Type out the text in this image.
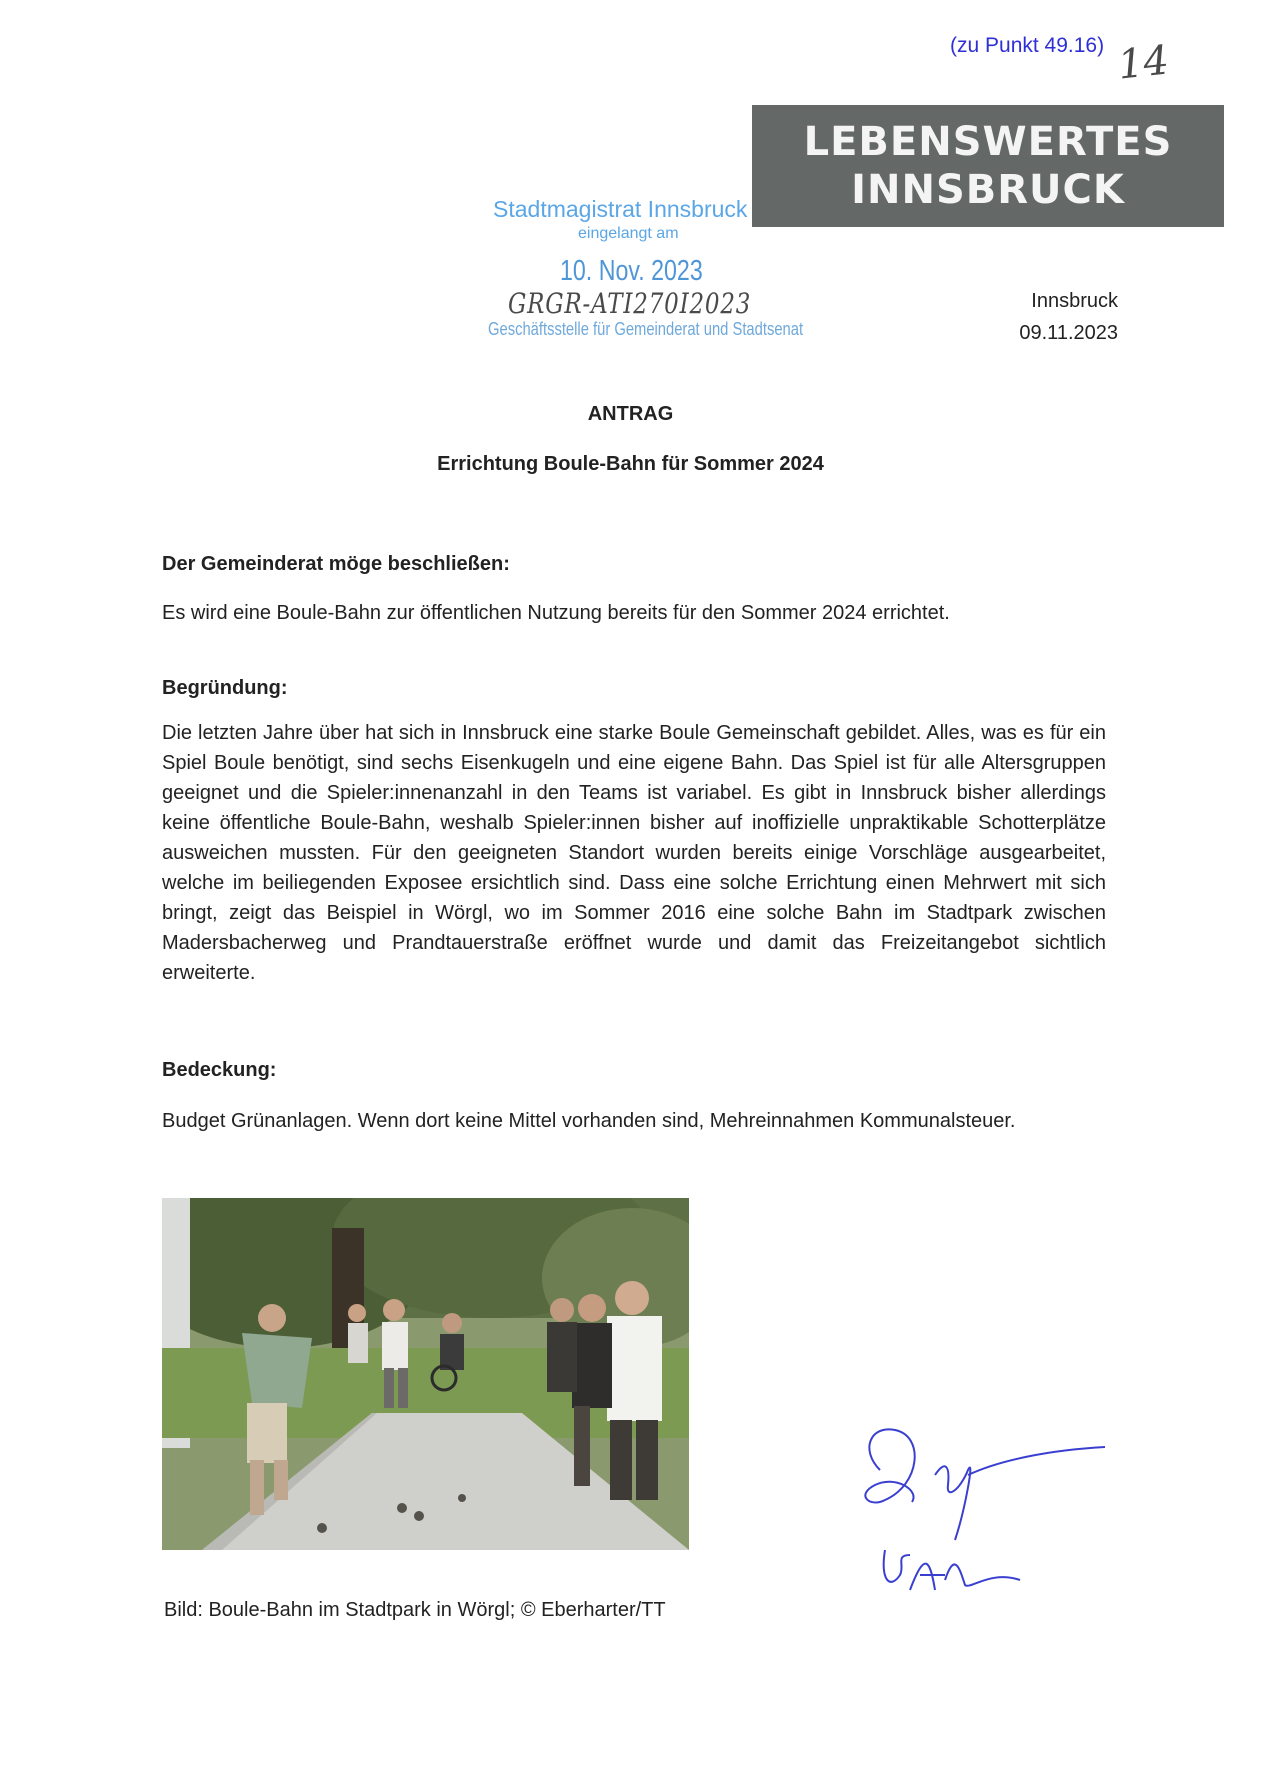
(zu Punkt 49.16) 14
LEBENSWERTES
INNSBRUCK
Stadtmagistrat Innsbruck
eingelangt am
10. Nov. 2023
GRGR-ATI270I2023
Geschäftsstelle für Gemeinderat und Stadtsenat
Innsbruck
09.11.2023
ANTRAG
Errichtung Boule-Bahn für Sommer 2024
Der Gemeinderat möge beschließen:
Es wird eine Boule-Bahn zur öffentlichen Nutzung bereits für den Sommer 2024 errichtet.
Begründung:
Die letzten Jahre über hat sich in Innsbruck eine starke Boule Gemeinschaft gebildet. Alles, was es für ein Spiel Boule benötigt, sind sechs Eisenkugeln und eine eigene Bahn. Das Spiel ist für alle Altersgruppen geeignet und die Spieler:innenanzahl in den Teams ist variabel. Es gibt in Innsbruck bisher allerdings keine öffentliche Boule-Bahn, weshalb Spieler:innen bisher auf inoffizielle unpraktikable Schotterplätze ausweichen mussten. Für den geeigneten Standort wurden bereits einige Vorschläge ausgearbeitet, welche im beiliegenden Exposee ersichtlich sind. Dass eine solche Errichtung einen Mehrwert mit sich bringt, zeigt das Beispiel in Wörgl, wo im Sommer 2016 eine solche Bahn im Stadtpark zwischen Madersbacherweg und Prandtauerstraße eröffnet wurde und damit das Freizeitangebot sichtlich erweiterte.
Bedeckung:
Budget Grünanlagen. Wenn dort keine Mittel vorhanden sind, Mehreinnahmen Kommunalsteuer.
Bild: Boule-Bahn im Stadtpark in Wörgl; © Eberharter/TT
